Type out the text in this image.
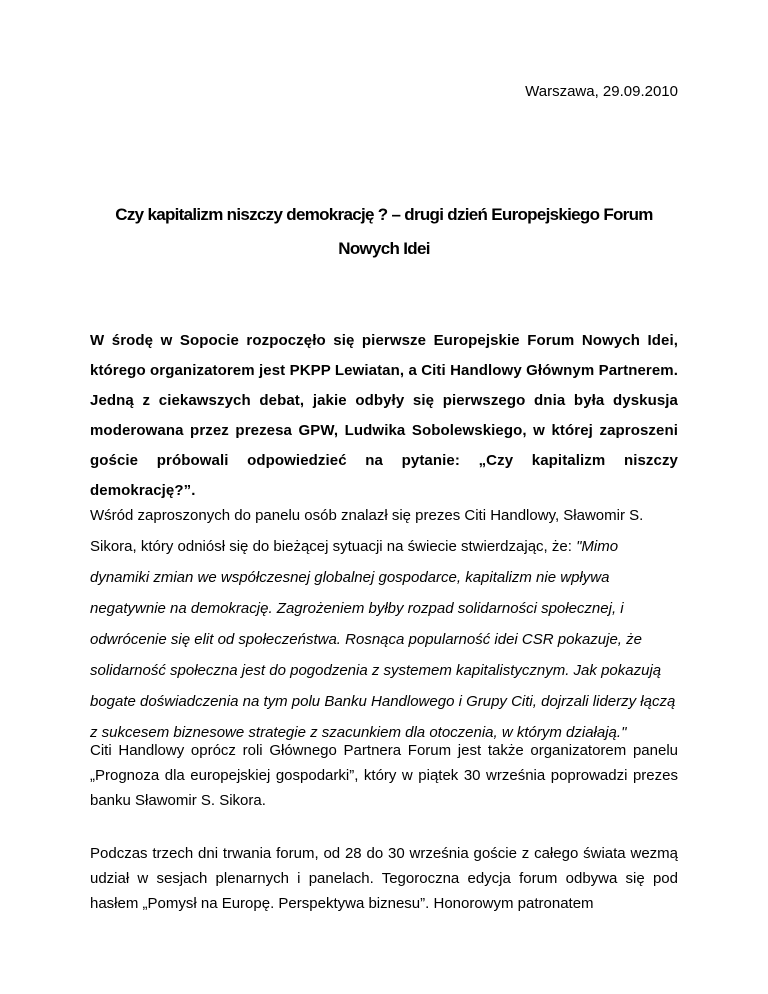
Warszawa, 29.09.2010
Czy kapitalizm niszczy demokrację ? – drugi dzień Europejskiego Forum Nowych Idei
W środę w Sopocie rozpoczęło się pierwsze Europejskie Forum Nowych Idei, którego organizatorem jest PKPP Lewiatan, a Citi Handlowy Głównym Partnerem. Jedną z ciekawszych debat, jakie odbyły się pierwszego dnia była dyskusja moderowana przez prezesa GPW, Ludwika Sobolewskiego, w której zaproszeni goście próbowali odpowiedzieć na pytanie: „Czy kapitalizm niszczy demokrację?”.
Wśród zaproszonych do panelu osób znalazł się prezes Citi Handlowy, Sławomir S. Sikora, który odniósł się do bieżącej sytuacji na świecie stwierdzając, że: "Mimo dynamiki zmian we współczesnej globalnej gospodarce, kapitalizm nie wpływa negatywnie na demokrację. Zagrożeniem byłby rozpad solidarności społecznej, i odwrócenie się elit od społeczeństwa. Rosnąca popularność idei CSR pokazuje, że solidarność społeczna jest do pogodzenia z systemem kapitalistycznym. Jak pokazują bogate doświadczenia na tym polu Banku Handlowego i Grupy Citi, dojrzali liderzy łączą z sukcesem biznesowe strategie z szacunkiem dla otoczenia, w którym działają."
Citi Handlowy oprócz roli Głównego Partnera Forum jest także organizatorem panelu „Prognoza dla europejskiej gospodarki”, który w piątek 30 września poprowadzi prezes banku Sławomir S. Sikora.
Podczas trzech dni trwania forum, od 28 do 30 września goście z całego świata wezmą udział w sesjach plenarnych i panelach. Tegoroczna edycja forum odbywa się pod hasłem „Pomysł na Europę. Perspektywa biznesu”. Honorowym patronatem
